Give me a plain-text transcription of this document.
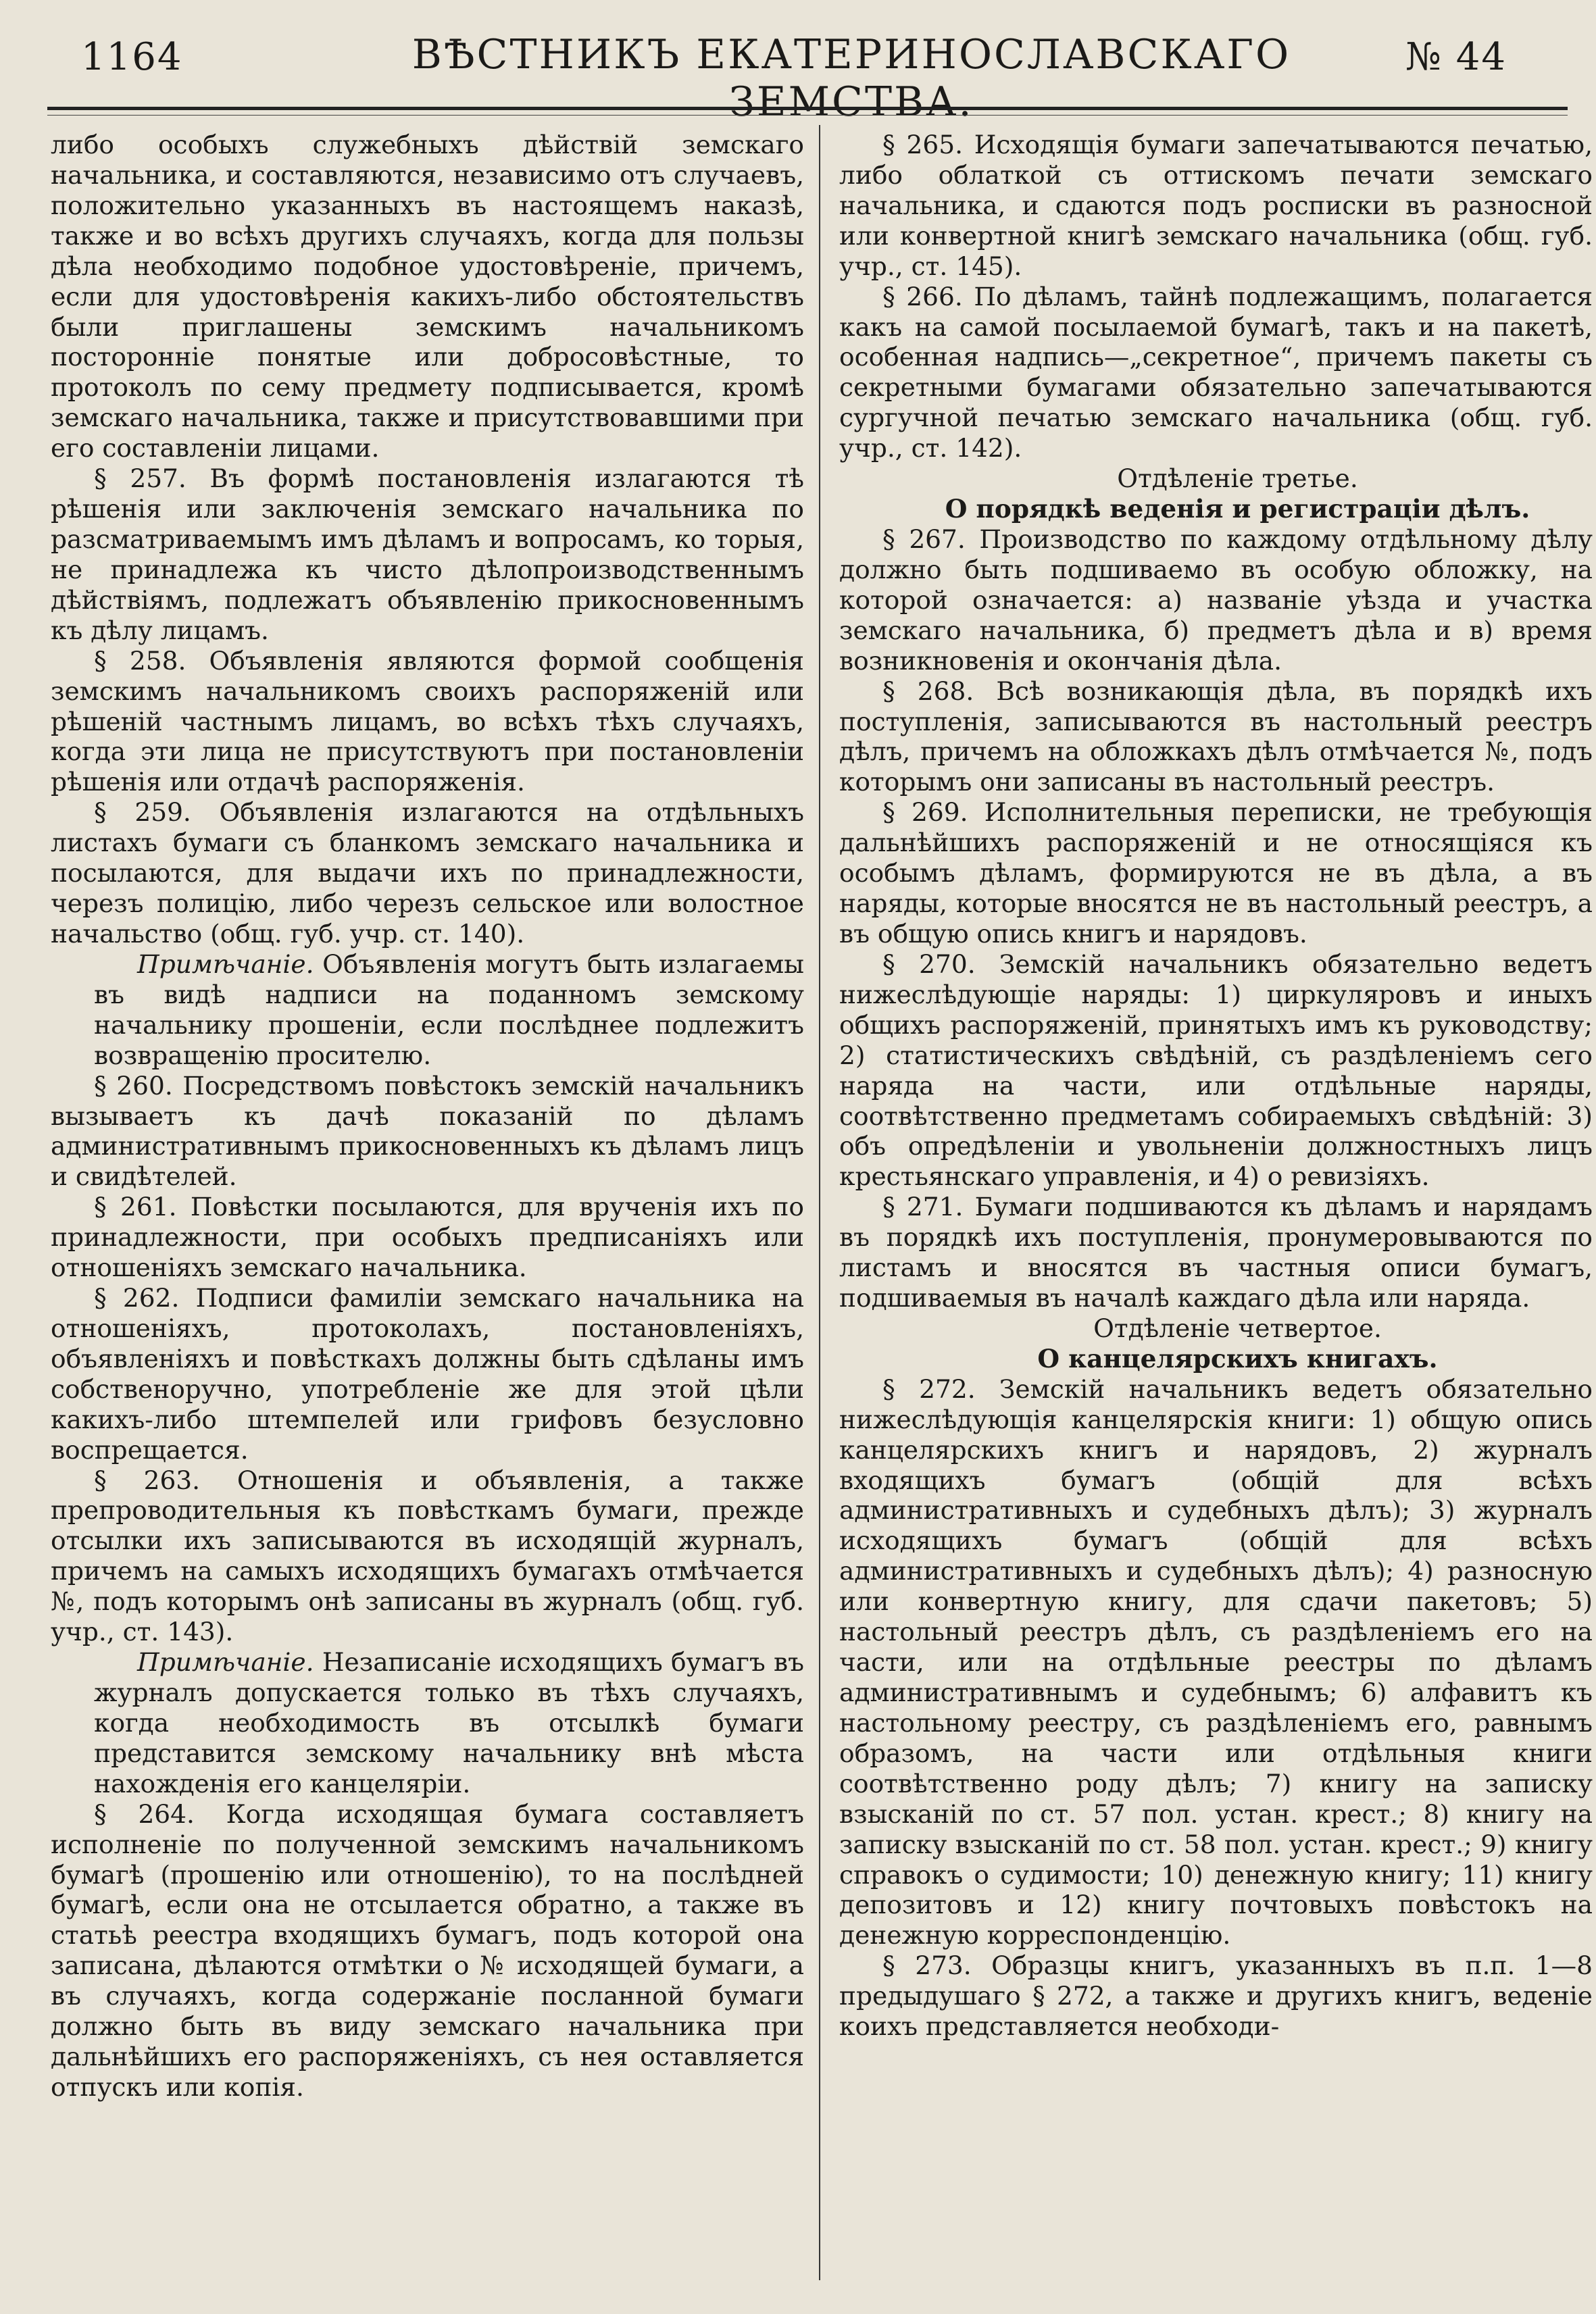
1164	ВѢСТНИКЪ ЕКАТЕРИНОСЛАВСКАГО ЗЕМСТВА.
№ 44

либо особыхъ служебныхъ дѣйствій земскаго начальника, и составляются, независимо отъ случаевъ, положительно указанныхъ въ настоящемъ наказѣ, также и во всѣхъ другихъ случаяхъ, когда для пользы дѣла необходимо подобное удостовѣреніе, причемъ, если для удостовѣренія какихъ-либо обстоятельствъ были приглашены земскимъ начальникомъ посторонніе понятые или добросовѣстные, то протоколъ по сему предмету подписывается, кромѣ земскаго начальника, также и присутствовавшими при его составленіи лицами.

§ 257. Въ формѣ постановленія излагаются тѣ рѣшенія или заключенія земскаго начальника по разсматриваемымъ имъ дѣламъ и вопросамъ, ко торыя, не принадлежа къ чисто дѣлопроизводственнымъ дѣйствіямъ, подлежатъ объявленію прикосновеннымъ къ дѣлу лицамъ.

§ 258. Объявленія являются формой сообщенія земскимъ начальникомъ своихъ распоряженій или рѣшеній частнымъ лицамъ, во всѣхъ тѣхъ случаяхъ, когда эти лица не присутствуютъ при постановленіи рѣшенія или отдачѣ распоряженія.

§ 259. Объявленія излагаются на отдѣльныхъ листахъ бумаги съ бланкомъ земскаго начальника и посылаются, для выдачи ихъ по принадлежности, черезъ полицію, либо черезъ сельское или волостное начальство (общ. губ. учр. ст. 140).

Примѣчаніе. Объявленія могутъ быть излагаемы въ видѣ надписи на поданномъ земскому начальнику прошеніи, если послѣднее подлежитъ возвращенію просителю.

§ 260. Посредствомъ повѣстокъ земскій начальникъ вызываетъ къ дачѣ показаній по дѣламъ административнымъ прикосновенныхъ къ дѣламъ лицъ и свидѣтелей.

§ 261. Повѣстки посылаются, для врученія ихъ по принадлежности, при особыхъ предписаніяхъ или отношеніяхъ земскаго начальника.

§ 262. Подписи фамиліи земскаго начальника на отношеніяхъ, протоколахъ, постановленіяхъ, объявленіяхъ и повѣсткахъ должны быть сдѣланы имъ собственоручно, употребленіе же для этой цѣли какихъ-либо штемпелей или грифовъ безусловно воспрещается.

§ 263. Отношенія и объявленія, а также препроводительныя къ повѣсткамъ бумаги, прежде отсылки ихъ записываются въ исходящій журналъ, причемъ на самыхъ исходящихъ бумагахъ отмѣчается №, подъ которымъ онѣ записаны въ журналъ (общ. губ. учр., ст. 143).

Примѣчаніе. Незаписаніе исходящихъ бумагъ въ журналъ допускается только въ тѣхъ случаяхъ, когда необходимость въ отсылкѣ бумаги представится земскому начальнику внѣ мѣста нахожденія его канцеляріи.

§ 264. Когда исходящая бумага составляетъ исполненіе по полученной земскимъ начальникомъ бумагѣ (прошенію или отношенію), то на послѣдней бумагѣ, если она не отсылается обратно, а также въ статьѣ реестра входящихъ бумагъ, подъ которой она записана, дѣлаются отмѣтки о № исходящей бумаги, а въ случаяхъ, когда содержаніе посланной бумаги должно быть въ виду земскаго начальника при дальнѣйшихъ его распоряженіяхъ, съ нея оставляется отпускъ или копія.

§ 265. Исходящія бумаги запечатываются печатью, либо облаткой съ оттискомъ печати земскаго начальника, и сдаются подъ росписки въ разносной или конвертной книгѣ земскаго начальника (общ. губ. учр., ст. 145).

§ 266. По дѣламъ, тайнѣ подлежащимъ, полагается какъ на самой посылаемой бумагѣ, такъ и на пакетѣ, особенная надпись—„секретное“, причемъ пакеты съ секретными бумагами обязательно запечатываются сургучной печатью земскаго начальника (общ. губ. учр., ст. 142).

Отдѣленіе третье.

О порядкѣ веденія и регистраціи дѣлъ.

§ 267. Производство по каждому отдѣльному дѣлу должно быть подшиваемо въ особую обложку, на которой означается: а) названіе уѣзда и участка земскаго начальника, б) предметъ дѣла и в) время возникновенія и окончанія дѣла.

§ 268. Всѣ возникающія дѣла, въ порядкѣ ихъ поступленія, записываются въ настольный реестръ дѣлъ, причемъ на обложкахъ дѣлъ отмѣчается №, подъ которымъ они записаны въ настольный реестръ.

§ 269. Исполнительныя переписки, не требующія дальнѣйшихъ распоряженій и не относящіяся къ особымъ дѣламъ, формируются не въ дѣла, а въ наряды, которые вносятся не въ настольный реестръ, а въ общую опись книгъ и нарядовъ.

§ 270. Земскій начальникъ обязательно ведетъ нижеслѣдующіе наряды: 1) циркуляровъ и иныхъ общихъ распоряженій, принятыхъ имъ къ руководству; 2) статистическихъ свѣдѣній, съ раздѣленіемъ сего наряда на части, или отдѣльные наряды, соотвѣтственно предметамъ собираемыхъ свѣдѣній: 3) объ опредѣленіи и увольненіи должностныхъ лицъ крестьянскаго управленія, и 4) о ревизіяхъ.

§ 271. Бумаги подшиваются къ дѣламъ и нарядамъ въ порядкѣ ихъ поступленія, пронумеровываются по листамъ и вносятся въ частныя описи бумагъ, подшиваемыя въ началѣ каждаго дѣла или наряда.

Отдѣленіе четвертое.

О канцелярскихъ книгахъ.

§ 272. Земскій начальникъ ведетъ обязательно нижеслѣдующія канцелярскія книги: 1) общую опись канцелярскихъ книгъ и нарядовъ, 2) журналъ входящихъ бумагъ (общій для всѣхъ административныхъ и судебныхъ дѣлъ); 3) журналъ исходящихъ бумагъ (общій для всѣхъ административныхъ и судебныхъ дѣлъ); 4) разносную или конвертную книгу, для сдачи пакетовъ; 5) настольный реестръ дѣлъ, съ раздѣленіемъ его на части, или на отдѣльные реестры по дѣламъ административнымъ и судебнымъ; 6) алфавитъ къ настольному реестру, съ раздѣленіемъ его, равнымъ образомъ, на части или отдѣльныя книги соотвѣтственно роду дѣлъ; 7) книгу на записку взысканій по ст. 57 пол. устан. крест.; 8) книгу на записку взысканій по ст. 58 пол. устан. крест.; 9) книгу справокъ о судимости; 10) денежную книгу; 11) книгу депозитовъ и 12) книгу почтовыхъ повѣстокъ на денежную корреспонденцію.

§ 273. Образцы книгъ, указанныхъ въ п.п. 1—8 предыдушаго § 272, а также и другихъ книгъ, веденіе коихъ представляется необходи-
